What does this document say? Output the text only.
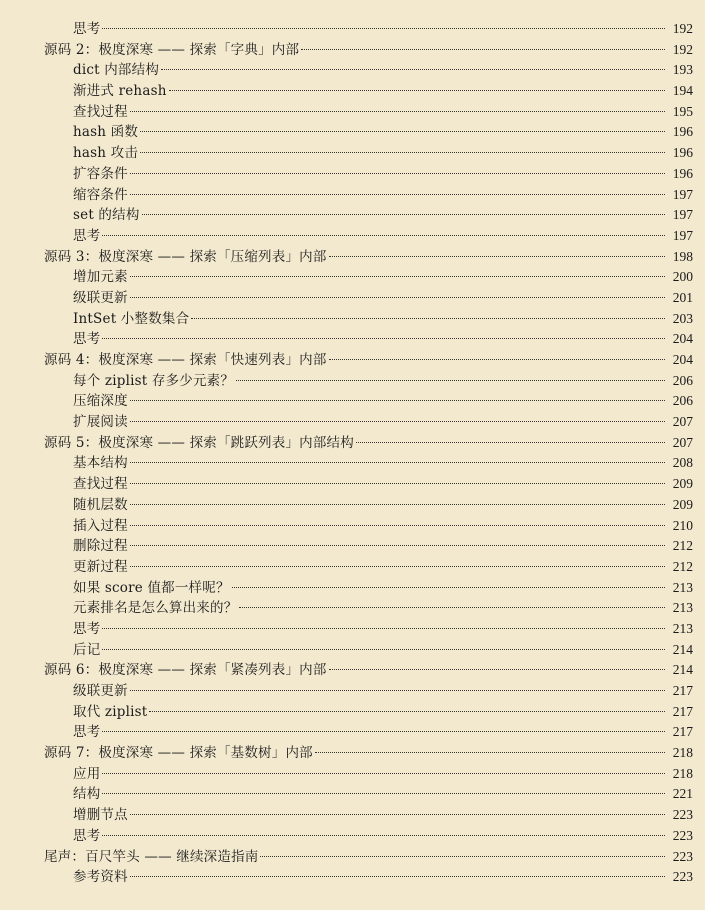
思考	192
源码 2：极度深寒 —— 探索「字典」内部	192
dict 内部结构	193
渐进式 rehash	194
查找过程	195
hash 函数	196
hash 攻击	196
扩容条件	196
缩容条件	197
set 的结构	197
思考	197
源码 3：极度深寒 —— 探索「压缩列表」内部	198
增加元素	200
级联更新	201
IntSet 小整数集合	203
思考	204
源码 4：极度深寒 —— 探索「快速列表」内部	204
每个 ziplist 存多少元素？	206
压缩深度	206
扩展阅读	207
源码 5：极度深寒 —— 探索「跳跃列表」内部结构	207
基本结构	208
查找过程	209
随机层数	209
插入过程	210
删除过程	212
更新过程	212
如果 score 值都一样呢？	213
元素排名是怎么算出来的？	213
思考	213
后记	214
源码 6：极度深寒 —— 探索「紧凑列表」内部	214
级联更新	217
取代 ziplist	217
思考	217
源码 7：极度深寒 —— 探索「基数树」内部	218
应用	218
结构	221
增删节点	223
思考	223
尾声：百尺竿头 —— 继续深造指南	223
参考资料	223
